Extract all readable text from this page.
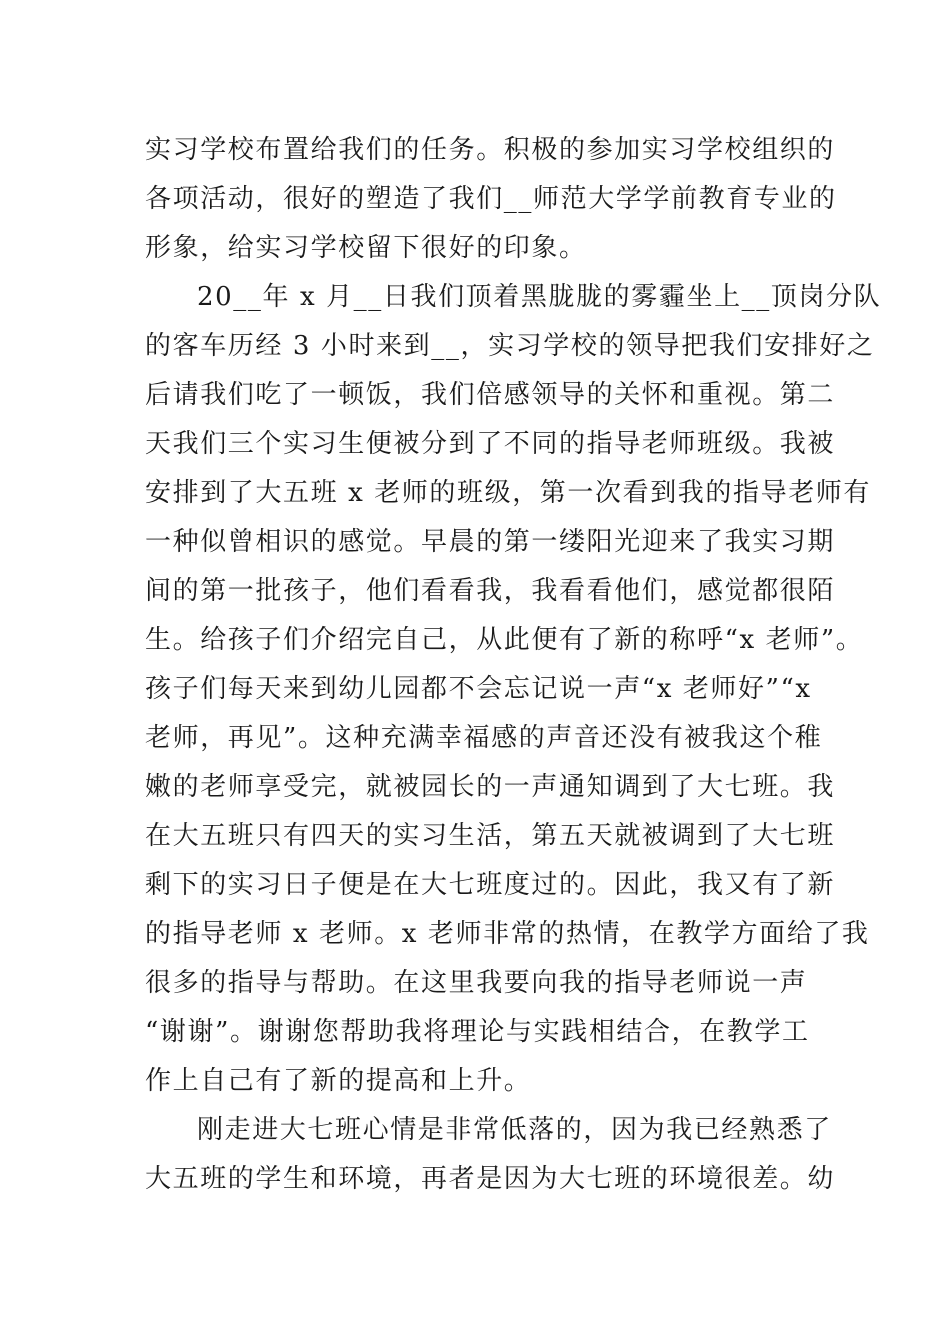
实习学校布置给我们的任务。积极的参加实习学校组织的

各项活动，很好的塑造了我们__师范大学学前教育专业的

形象，给实习学校留下很好的印象。

20__年 x 月__日我们顶着黑胧胧的雾霾坐上__顶岗分队

的客车历经 3 小时来到__，实习学校的领导把我们安排好之

后请我们吃了一顿饭，我们倍感领导的关怀和重视。第二

天我们三个实习生便被分到了不同的指导老师班级。我被

安排到了大五班 x 老师的班级，第一次看到我的指导老师有

一种似曾相识的感觉。早晨的第一缕阳光迎来了我实习期

间的第一批孩子，他们看看我，我看看他们，感觉都很陌

生。给孩子们介绍完自己，从此便有了新的称呼“x 老师”。

孩子们每天来到幼儿园都不会忘记说一声“x 老师好”“x

老师，再见”。这种充满幸福感的声音还没有被我这个稚

嫩的老师享受完，就被园长的一声通知调到了大七班。我

在大五班只有四天的实习生活，第五天就被调到了大七班

剩下的实习日子便是在大七班度过的。因此，我又有了新

的指导老师 x 老师。x 老师非常的热情，在教学方面给了我

很多的指导与帮助。在这里我要向我的指导老师说一声

“谢谢”。谢谢您帮助我将理论与实践相结合，在教学工

作上自己有了新的提高和上升。

刚走进大七班心情是非常低落的，因为我已经熟悉了

大五班的学生和环境，再者是因为大七班的环境很差。幼
